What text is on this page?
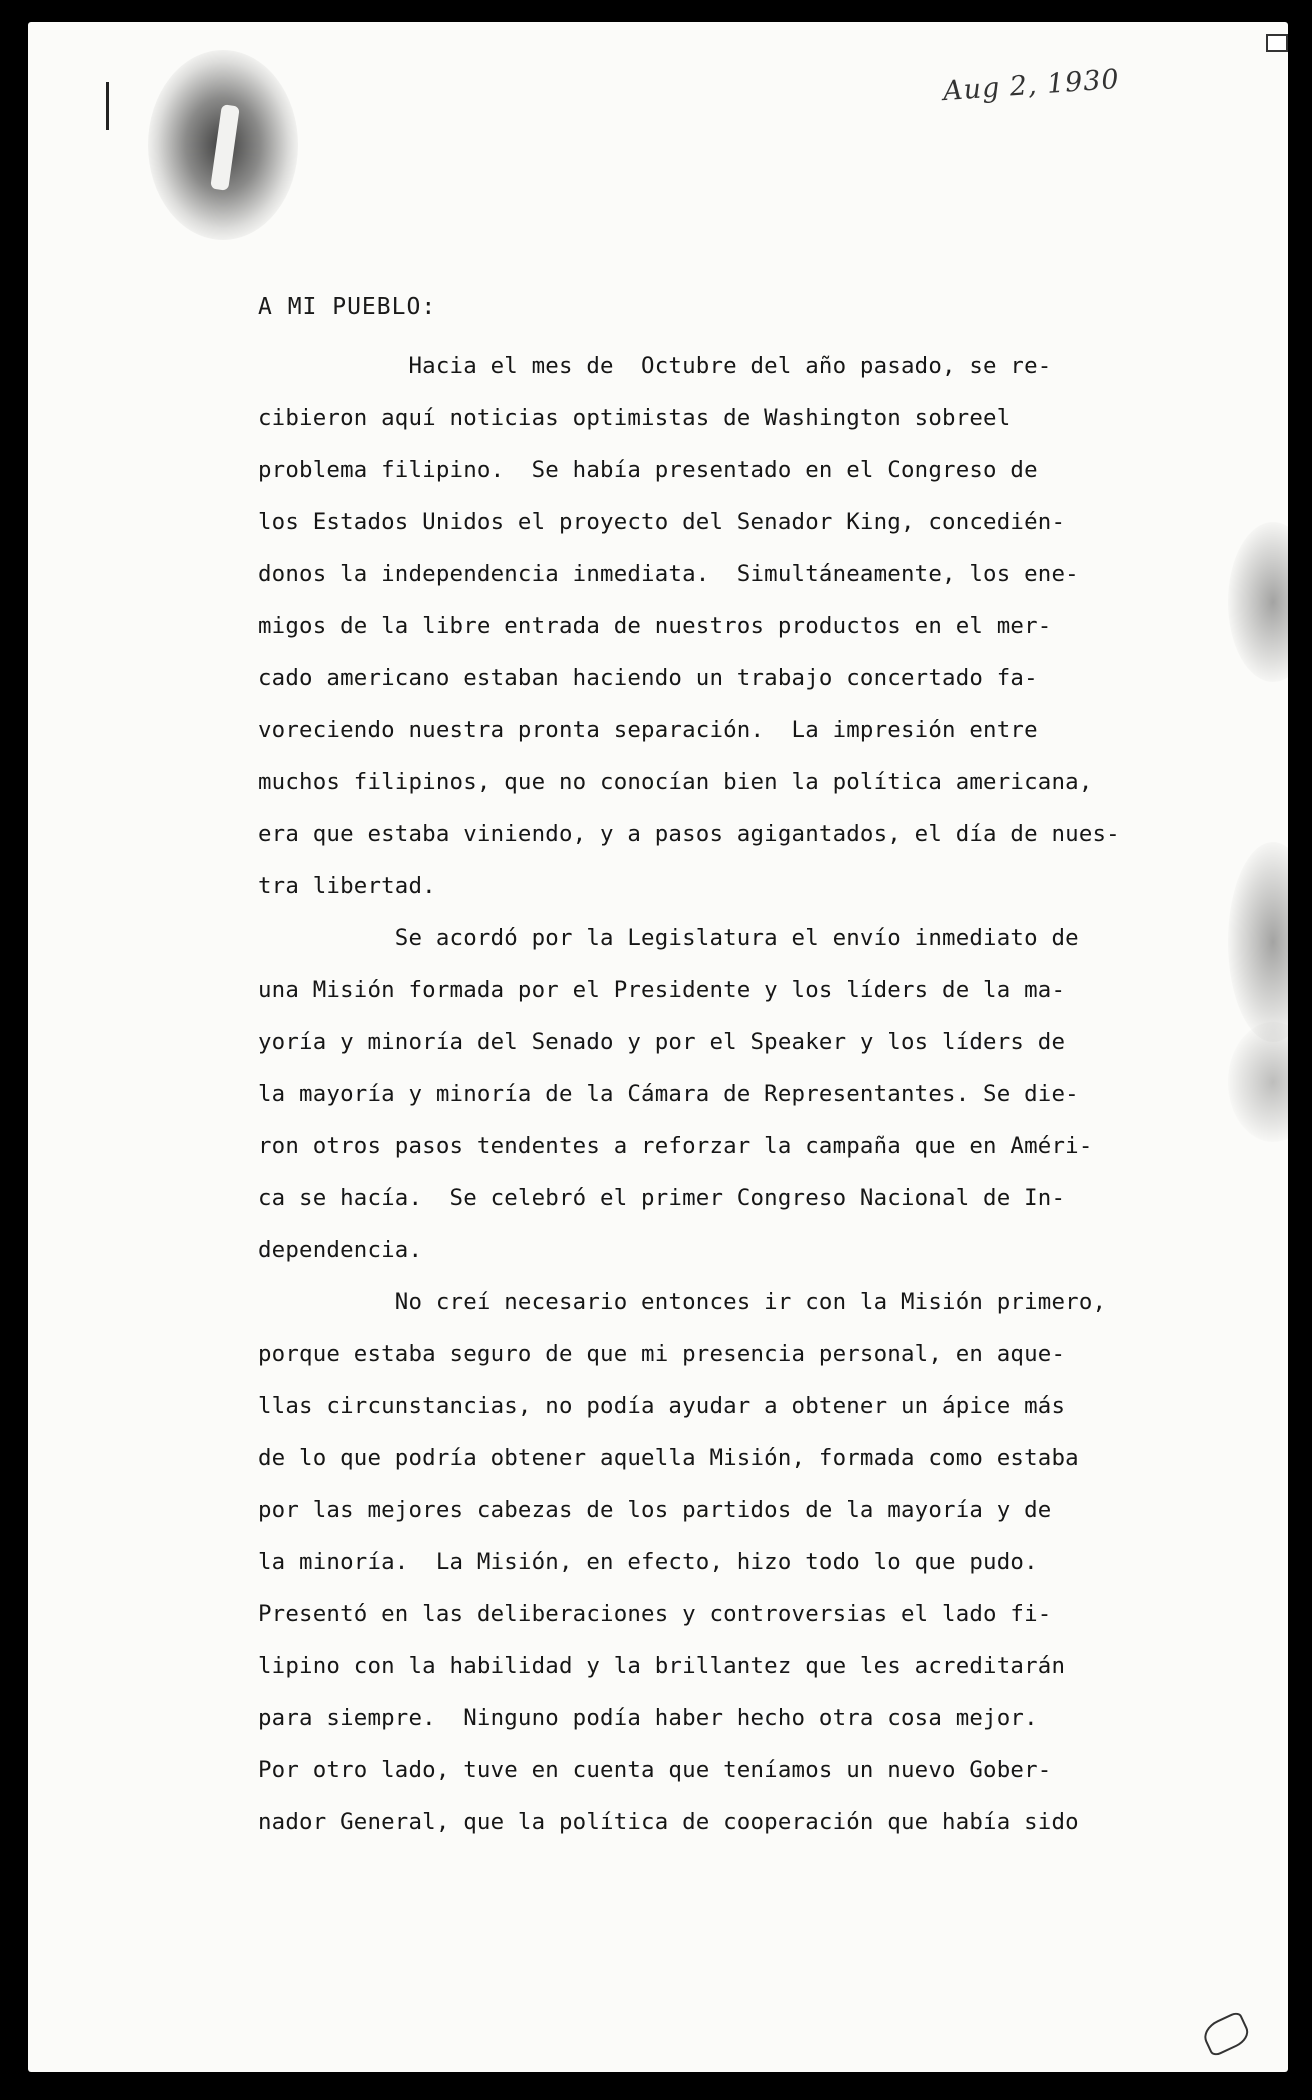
Aug 2, 1930
A MI PUEBLO:
Hacia el mes de  Octubre del año pasado, se re-
cibieron aquí noticias optimistas de Washington sobreel
problema filipino.  Se había presentado en el Congreso de
los Estados Unidos el proyecto del Senador King, concedién-
donos la independencia inmediata.  Simultáneamente, los ene-
migos de la libre entrada de nuestros productos en el mer-
cado americano estaban haciendo un trabajo concertado fa-
voreciendo nuestra pronta separación.  La impresión entre
muchos filipinos, que no conocían bien la política americana,
era que estaba viniendo, y a pasos agigantados, el día de nues-
tra libertad.
Se acordó por la Legislatura el envío inmediato de
una Misión formada por el Presidente y los líders de la ma-
yoría y minoría del Senado y por el Speaker y los líders de
la mayoría y minoría de la Cámara de Representantes. Se die-
ron otros pasos tendentes a reforzar la campaña que en Améri-
ca se hacía.  Se celebró el primer Congreso Nacional de In-
dependencia.
No creí necesario entonces ir con la Misión primero,
porque estaba seguro de que mi presencia personal, en aque-
llas circunstancias, no podía ayudar a obtener un ápice más
de lo que podría obtener aquella Misión, formada como estaba
por las mejores cabezas de los partidos de la mayoría y de
la minoría.  La Misión, en efecto, hizo todo lo que pudo.
Presentó en las deliberaciones y controversias el lado fi-
lipino con la habilidad y la brillantez que les acreditarán
para siempre.  Ninguno podía haber hecho otra cosa mejor.
Por otro lado, tuve en cuenta que teníamos un nuevo Gober-
nador General, que la política de cooperación que había sido
